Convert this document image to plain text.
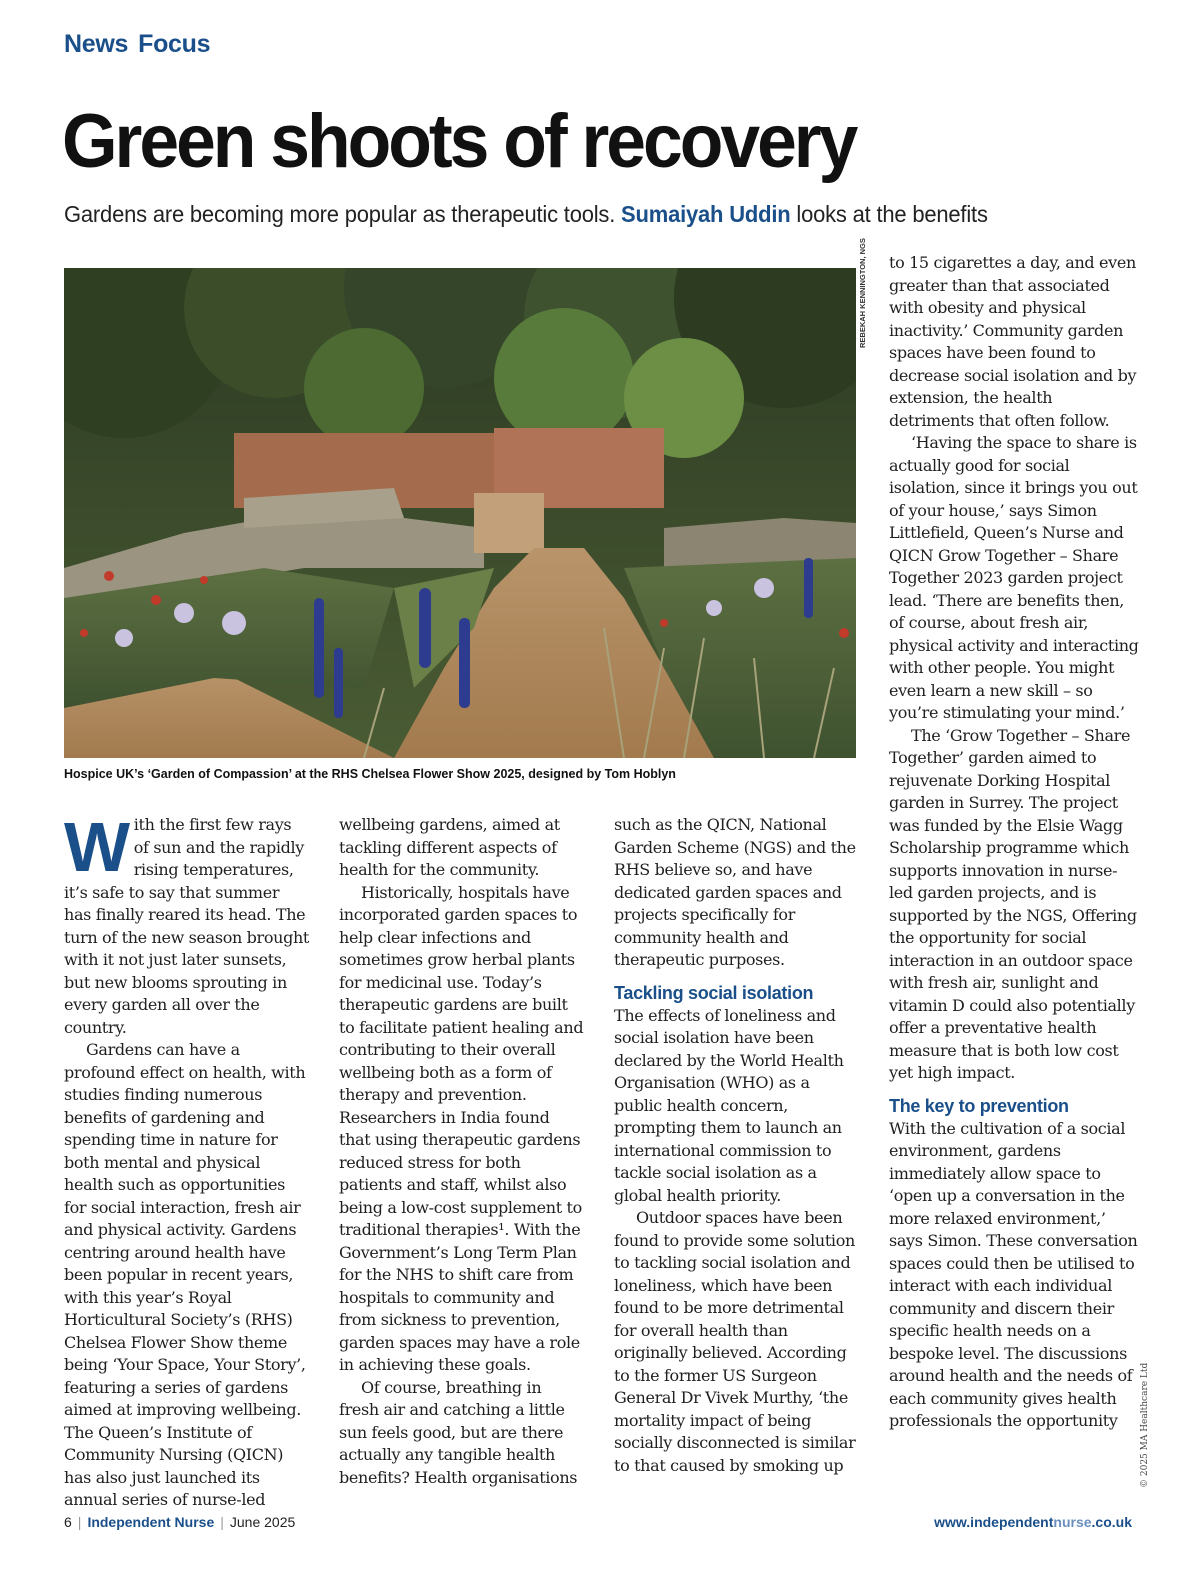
News Focus
Green shoots of recovery
Gardens are becoming more popular as therapeutic tools. Sumaiyah Uddin looks at the benefits
REBEKAH KENNINGTON, NGS
Hospice UK’s ‘Garden of Compassion’ at the RHS Chelsea Flower Show 2025, designed by Tom Hoblyn
W ith the first few rays of sun and the rapidly rising temperatures, it’s safe to say that summer has finally reared its head. The turn of the new season brought with it not just later sunsets, but new blooms sprouting in every garden all over the country.

Gardens can have a profound effect on health, with studies finding numerous benefits of gardening and spending time in nature for both mental and physical health such as opportunities for social interaction, fresh air and physical activity. Gardens centring around health have been popular in recent years, with this year’s Royal Horticultural Society’s (RHS) Chelsea Flower Show theme being ‘Your Space, Your Story’, featuring a series of gardens aimed at improving wellbeing. The Queen’s Institute of Community Nursing (QICN) has also just launched its annual series of nurse-led

wellbeing gardens, aimed at tackling different aspects of health for the community.

Historically, hospitals have incorporated garden spaces to help clear infections and sometimes grow herbal plants for medicinal use. Today’s therapeutic gardens are built to facilitate patient healing and contributing to their overall wellbeing both as a form of therapy and prevention. Researchers in India found that using therapeutic gardens reduced stress for both patients and staff, whilst also being a low-cost supplement to traditional therapies¹. With the Government’s Long Term Plan for the NHS to shift care from hospitals to community and from sickness to prevention, garden spaces may have a role in achieving these goals.

Of course, breathing in fresh air and catching a little sun feels good, but are there actually any tangible health benefits? Health organisations

such as the QICN, National Garden Scheme (NGS) and the RHS believe so, and have dedicated garden spaces and projects specifically for community health and therapeutic purposes.

Tackling social isolation

The effects of loneliness and social isolation have been declared by the World Health Organisation (WHO) as a public health concern, prompting them to launch an international commission to tackle social isolation as a global health priority.

Outdoor spaces have been found to provide some solution to tackling social isolation and loneliness, which have been found to be more detrimental for overall health than originally believed. According to the former US Surgeon General Dr Vivek Murthy, ‘the mortality impact of being socially disconnected is similar to that caused by smoking up

to 15 cigarettes a day, and even greater than that associated with obesity and physical inactivity.’ Community garden spaces have been found to decrease social isolation and by extension, the health detriments that often follow.

‘Having the space to share is actually good for social isolation, since it brings you out of your house,’ says Simon Littlefield, Queen’s Nurse and QICN Grow Together – Share Together 2023 garden project lead. ‘There are benefits then, of course, about fresh air, physical activity and interacting with other people. You might even learn a new skill – so you’re stimulating your mind.’

The ‘Grow Together – Share Together’ garden aimed to rejuvenate Dorking Hospital garden in Surrey. The project was funded by the Elsie Wagg Scholarship programme which supports innovation in nurse-led garden projects, and is supported by the NGS, Offering the opportunity for social interaction in an outdoor space with fresh air, sunlight and vitamin D could also potentially offer a preventative health measure that is both low cost yet high impact.

The key to prevention

With the cultivation of a social environment, gardens immediately allow space to ‘open up a conversation in the more relaxed environment,’ says Simon. These conversation spaces could then be utilised to interact with each individual community and discern their specific health needs on a bespoke level. The discussions around health and the needs of each community gives health professionals the opportunity	© 2025 MA Healthcare Ltd
6 | Independent Nurse | June 2025	www.independentnurse.co.uk
